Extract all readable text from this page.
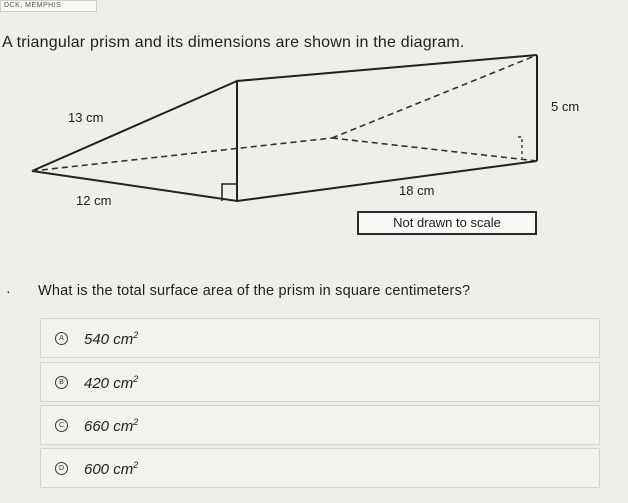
DCK, MEMPHIS
A triangular prism and its dimensions are shown in the diagram.
13 cm
12 cm
5 cm
18 cm
Not drawn to scale
· What is the total surface area of the prism in square centimeters?
A 540 $cm^2$
B 420 $cm^2$
C 660 $cm^2$
D 600 $cm^2$
